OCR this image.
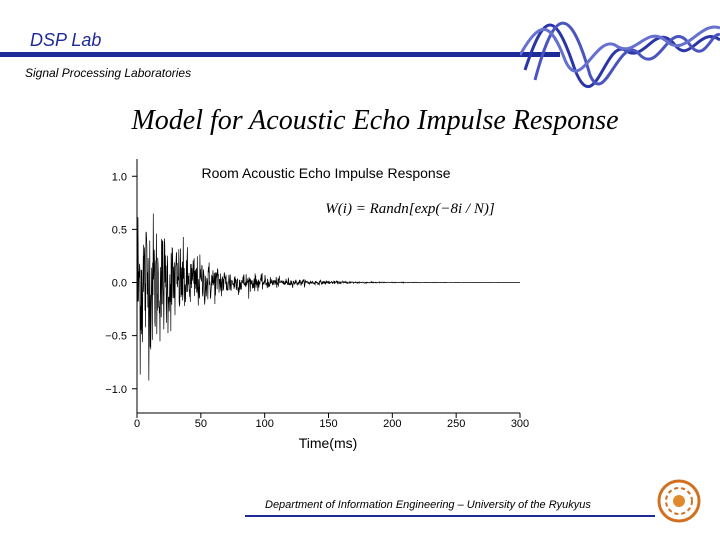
DSP Lab
Signal Processing Laboratories
Model for Acoustic Echo Impulse Response
Room Acoustic Echo Impulse Response
W(i) = Randn[exp(−8i / N)]
1.0
0.5
0.0
−0.5
−1.0
0	50	100	150	200	250	300
Time(ms)
Department of Information Engineering – University of the Ryukyus
